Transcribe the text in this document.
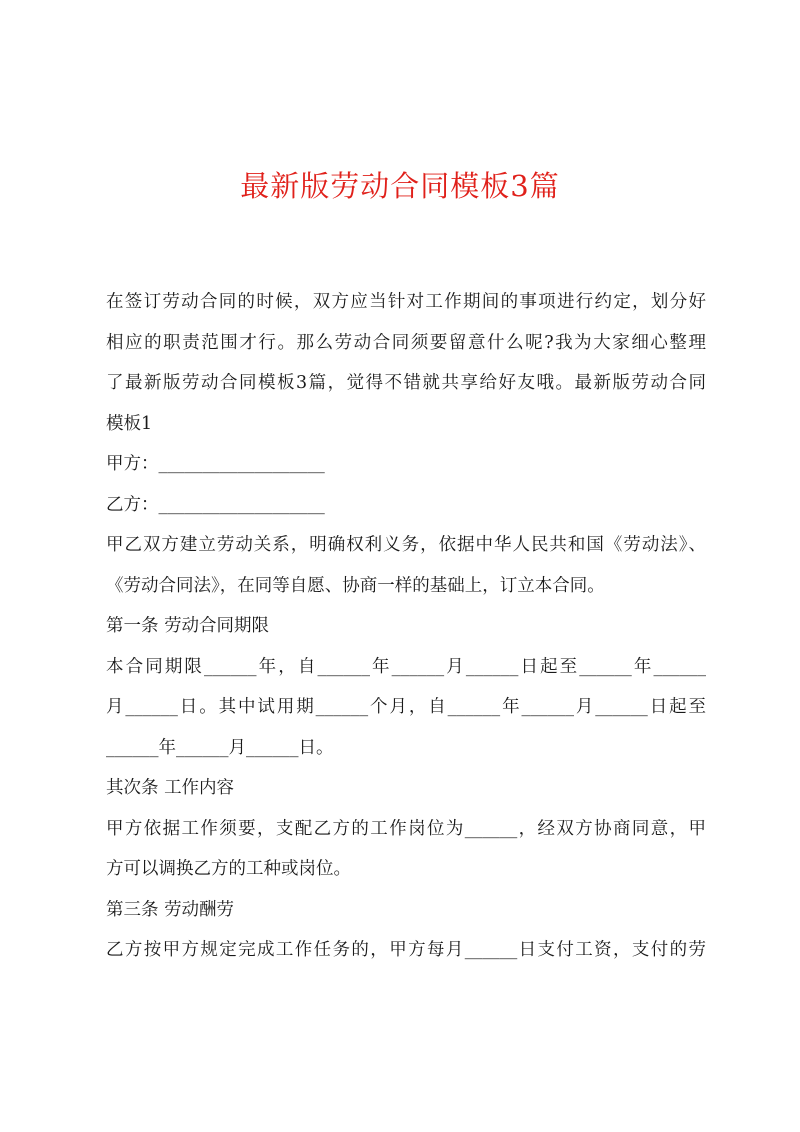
最新版劳动合同模板3篇
在签订劳动合同的时候，双方应当针对工作期间的事项进行约定，划分好
相应的职责范围才行。那么劳动合同须要留意什么呢?我为大家细心整理
了最新版劳动合同模板3篇，觉得不错就共享给好友哦。最新版劳动合同
模板1
甲方：___________________
乙方：___________________
甲乙双方建立劳动关系，明确权利义务，依据中华人民共和国《劳动法》、
《劳动合同法》，在同等自愿、协商一样的基础上，订立本合同。
第一条 劳动合同期限
本合同期限______年，自______年______月______日起至______年______
月______日。其中试用期______个月，自______年______月______日起至
______年______月______日。
其次条 工作内容
甲方依据工作须要，支配乙方的工作岗位为______，经双方协商同意，甲
方可以调换乙方的工种或岗位。
第三条 劳动酬劳
乙方按甲方规定完成工作任务的，甲方每月______日支付工资，支付的劳
